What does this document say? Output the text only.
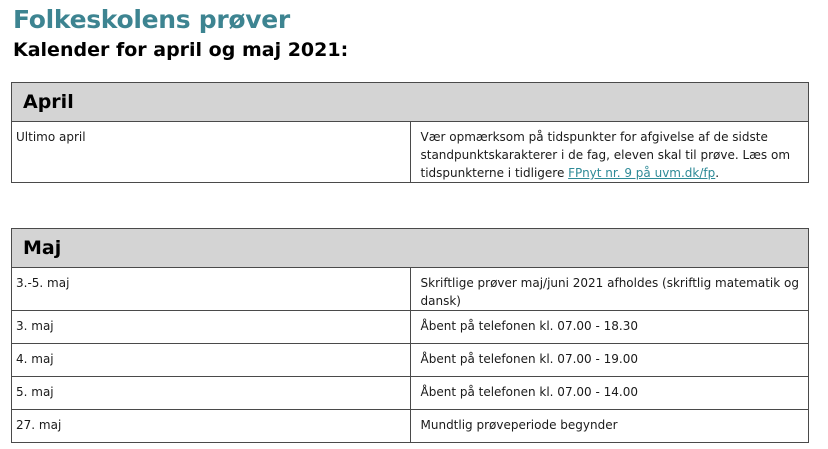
Folkeskolens prøver
Kalender for april og maj 2021:
April
Ultimo april	Vær opmærksom på tidspunkter for afgivelse af de sidste standpunktskarakterer i de fag, eleven skal til prøve. Læs om tidspunkterne i tidligere FPnyt nr. 9 på uvm.dk/fp.
Maj	
3.-5. maj	Skriftlige prøver maj/juni 2021 afholdes (skriftlig matematik og dansk)
3. maj	Åbent på telefonen kl. 07.00 - 18.30
4. maj	Åbent på telefonen kl. 07.00 - 19.00
5. maj	Åbent på telefonen kl. 07.00 - 14.00
27. maj	Mundtlig prøveperiode begynder
